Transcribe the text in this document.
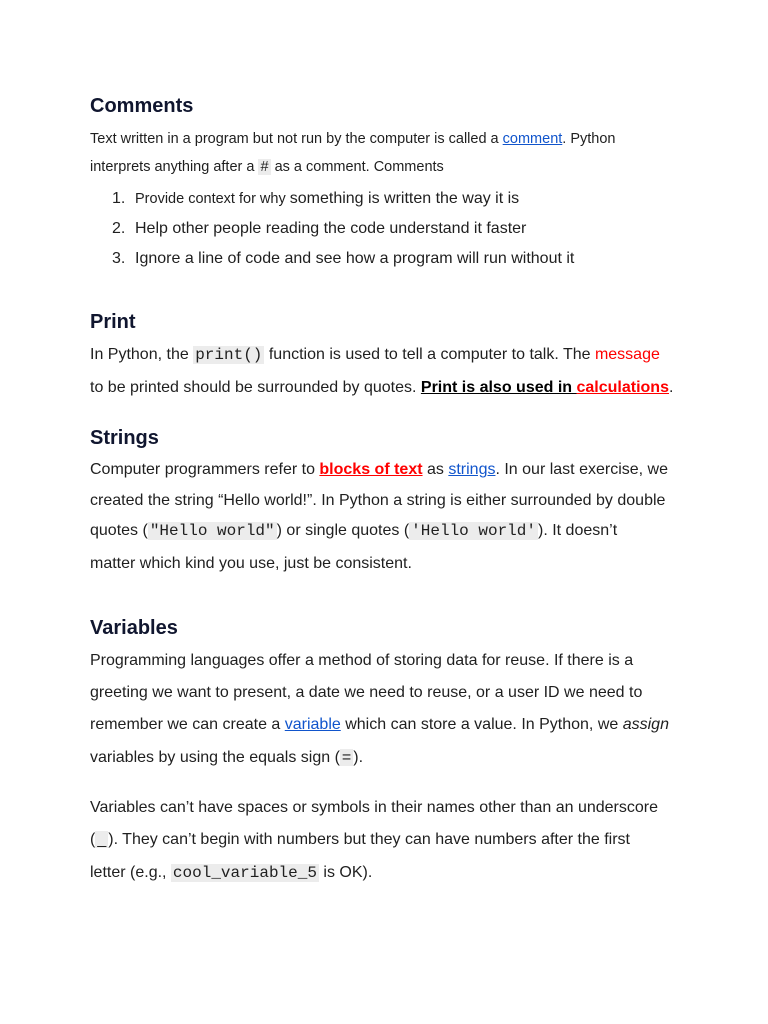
Comments

Text written in a program but not run by the computer is called a comment. Python

interprets anything after a # as a comment. Comments

1. Provide context for why something is written the way it is
2. Help other people reading the code understand it faster
3. Ignore a line of code and see how a program will run without it
Print

In Python, the print() function is used to tell a computer to talk. The message

to be printed should be surrounded by quotes. Print is also used in calculations.

Strings

Computer programmers refer to blocks of text as strings. In our last exercise, we

created the string “Hello world!”. In Python a string is either surrounded by double

quotes ( "Hello world" ) or single quotes ( 'Hello world' ). It doesn’t

matter which kind you use, just be consistent.

Variables

Programming languages offer a method of storing data for reuse. If there is a

greeting we want to present, a date we need to reuse, or a user ID we need to

remember we can create a variable which can store a value. In Python, we assign

variables by using the equals sign ( = ).

Variables can’t have spaces or symbols in their names other than an underscore

( _ ). They can’t begin with numbers but they can have numbers after the first

letter (e.g., cool_variable_5 is OK).
